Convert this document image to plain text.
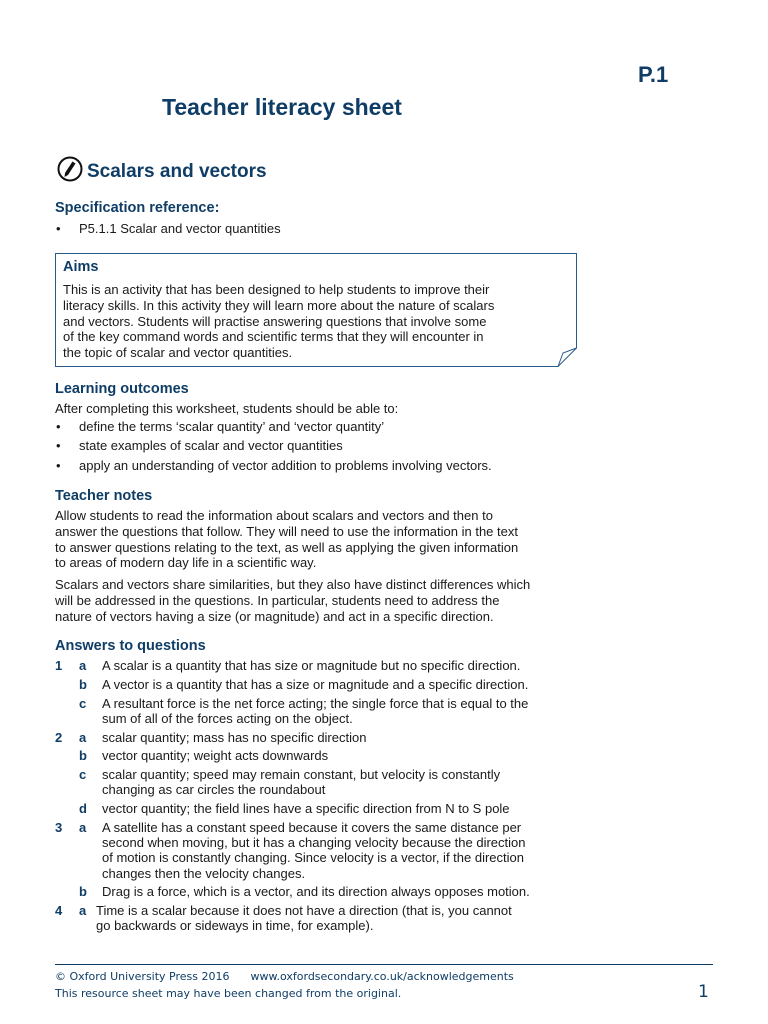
P.1
Teacher literacy sheet
Scalars and vectors
Specification reference:
• P5.1.1 Scalar and vector quantities
Aims
This is an activity that has been designed to help students to improve their
literacy skills. In this activity they will learn more about the nature of scalars
and vectors. Students will practise answering questions that involve some
of the key command words and scientific terms that they will encounter in
the topic of scalar and vector quantities.
Learning outcomes
After completing this worksheet, students should be able to:
• define the terms ‘scalar quantity’ and ‘vector quantity’
• state examples of scalar and vector quantities
• apply an understanding of vector addition to problems involving vectors.
Teacher notes
Allow students to read the information about scalars and vectors and then to
answer the questions that follow. They will need to use the information in the text
to answer questions relating to the text, as well as applying the given information
to areas of modern day life in a scientific way.
Scalars and vectors share similarities, but they also have distinct differences which
will be addressed in the questions. In particular, students need to address the
nature of vectors having a size (or magnitude) and act in a specific direction.
Answers to questions
1 a A scalar is a quantity that has size or magnitude but no specific direction.
b A vector is a quantity that has a size or magnitude and a specific direction.
c A resultant force is the net force acting; the single force that is equal to the
sum of all of the forces acting on the object.
2 a scalar quantity; mass has no specific direction
b vector quantity; weight acts downwards
c scalar quantity; speed may remain constant, but velocity is constantly
changing as car circles the roundabout
d vector quantity; the field lines have a specific direction from N to S pole
3 a A satellite has a constant speed because it covers the same distance per
second when moving, but it has a changing velocity because the direction
of motion is constantly changing. Since velocity is a vector, if the direction
changes then the velocity changes.
b Drag is a force, which is a vector, and its direction always opposes motion.
4 a Time is a scalar because it does not have a direction (that is, you cannot
go backwards or sideways in time, for example).
© Oxford University Press 2016 www.oxfordsecondary.co.uk/acknowledgements
This resource sheet may have been changed from the original.	1
